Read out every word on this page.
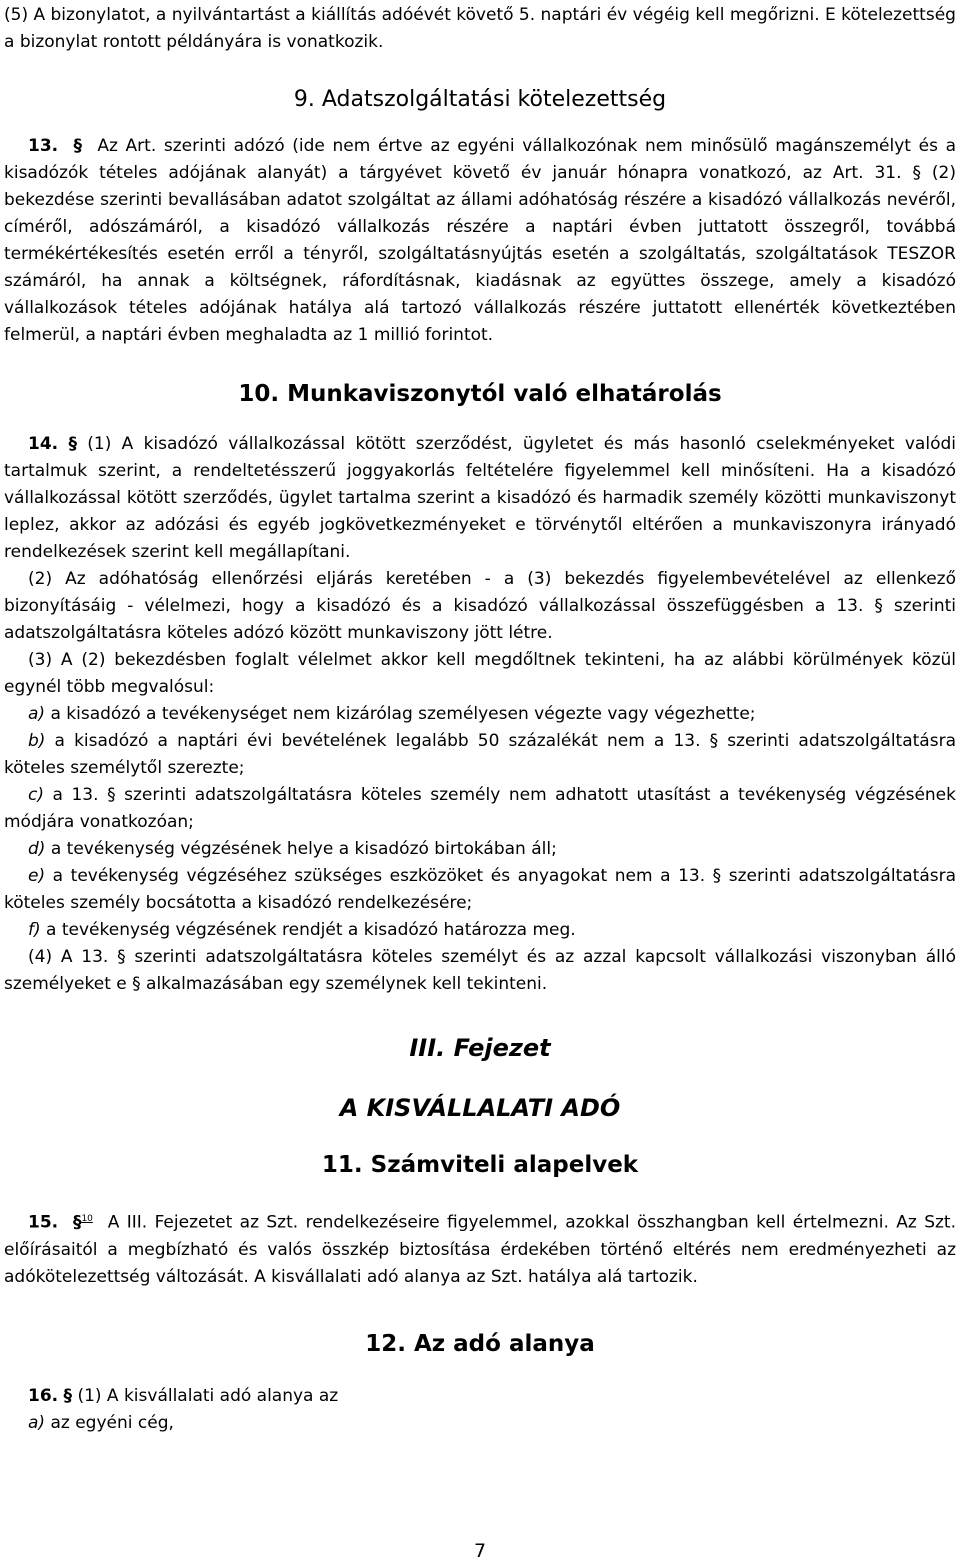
(5) A bizonylatot, a nyilvántartást a kiállítás adóévét követő 5. naptári év végéig kell megőrizni. E kötelezettség a bizonylat rontott példányára is vonatkozik.

9. Adatszolgáltatási kötelezettség

13. § Az Art. szerinti adózó (ide nem értve az egyéni vállalkozónak nem minősülő magánszemélyt és a kisadózók tételes adójának alanyát) a tárgyévet követő év január hónapra vonatkozó, az Art. 31. § (2) bekezdése szerinti bevallásában adatot szolgáltat az állami adóhatóság részére a kisadózó vállalkozás nevéről, címéről, adószámáról, a kisadózó vállalkozás részére a naptári évben juttatott összegről, továbbá termékértékesítés esetén erről a tényről, szolgáltatásnyújtás esetén a szolgáltatás, szolgáltatások TESZOR számáról, ha annak a költségnek, ráfordításnak, kiadásnak az együttes összege, amely a kisadózó vállalkozások tételes adójának hatálya alá tartozó vállalkozás részére juttatott ellenérték következtében felmerül, a naptári évben meghaladta az 1 millió forintot.

10. Munkaviszonytól való elhatárolás

14. § (1) A kisadózó vállalkozással kötött szerződést, ügyletet és más hasonló cselekményeket valódi tartalmuk szerint, a rendeltetésszerű joggyakorlás feltételére figyelemmel kell minősíteni. Ha a kisadózó vállalkozással kötött szerződés, ügylet tartalma szerint a kisadózó és harmadik személy közötti munkaviszonyt leplez, akkor az adózási és egyéb jogkövetkezményeket e törvénytől eltérően a munkaviszonyra irányadó rendelkezések szerint kell megállapítani.

(2) Az adóhatóság ellenőrzési eljárás keretében - a (3) bekezdés figyelembevételével az ellenkező bizonyításáig - vélelmezi, hogy a kisadózó és a kisadózó vállalkozással összefüggésben a 13. § szerinti adatszolgáltatásra köteles adózó között munkaviszony jött létre.

(3) A (2) bekezdésben foglalt vélelmet akkor kell megdőltnek tekinteni, ha az alábbi körülmények közül egynél több megvalósul:

a) a kisadózó a tevékenységet nem kizárólag személyesen végezte vagy végezhette;

b) a kisadózó a naptári évi bevételének legalább 50 százalékát nem a 13. § szerinti adatszolgáltatásra köteles személytől szerezte;

c) a 13. § szerinti adatszolgáltatásra köteles személy nem adhatott utasítást a tevékenység végzésének módjára vonatkozóan;

d) a tevékenység végzésének helye a kisadózó birtokában áll;

e) a tevékenység végzéséhez szükséges eszközöket és anyagokat nem a 13. § szerinti adatszolgáltatásra köteles személy bocsátotta a kisadózó rendelkezésére;

f) a tevékenység végzésének rendjét a kisadózó határozza meg.

(4) A 13. § szerinti adatszolgáltatásra köteles személyt és az azzal kapcsolt vállalkozási viszonyban álló személyeket e § alkalmazásában egy személynek kell tekinteni.

III. Fejezet
A KISVÁLLALATI ADÓ
11. Számviteli alapelvek

15. §$^{10}$ A III. Fejezetet az Szt. rendelkezéseire figyelemmel, azokkal összhangban kell értelmezni. Az Szt. előírásaitól a megbízható és valós összkép biztosítása érdekében történő eltérés nem eredményezheti az adókötelezettség változását. A kisvállalati adó alanya az Szt. hatálya alá tartozik.

12. Az adó alanya

16. § (1) A kisvállalati adó alanya az

a) az egyéni cég,

7
